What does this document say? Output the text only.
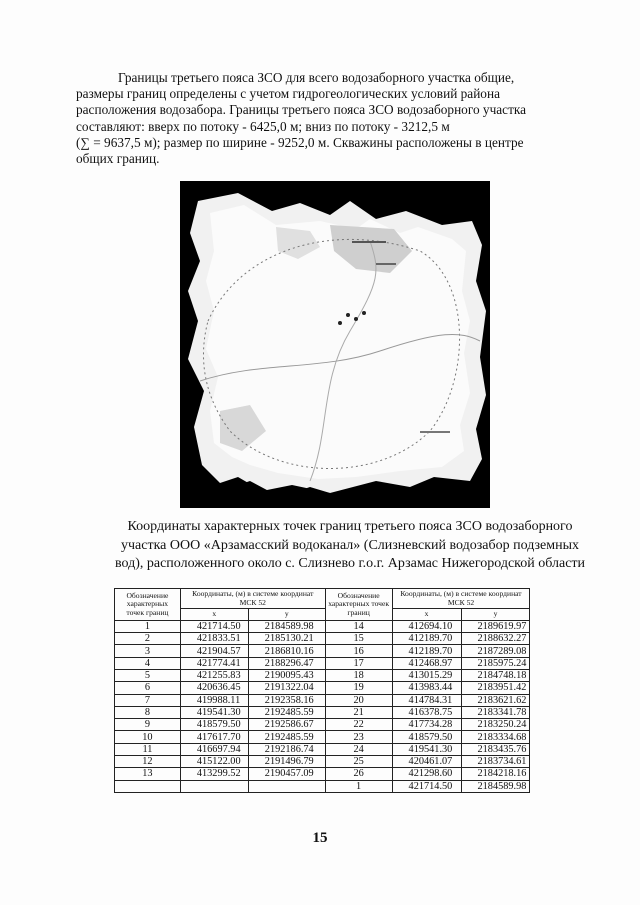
Границы третьего пояса ЗСО для всего водозаборного участка общие,
размеры границ определены с учетом гидрогеологических условий района
расположения водозабора. Границы третьего пояса ЗСО водозаборного участка
составляют: вверх по потоку - 6425,0 м; вниз по потоку - 3212,5 м
(∑ = 9637,5 м); размер по ширине - 9252,0 м. Скважины расположены в центре
общих границ.
Координаты характерных точек границ третьего пояса ЗСО водозаборного
участка ООО «Арзамасский водоканал» (Слизневский водозабор подземных
вод), расположенного около с. Слизнево г.о.г. Арзамас Нижегородской области
Обозначение характерных точек границ	Координаты, (м) в системе координат МСК 52		Обозначение характерных точек границ	Координаты, (м) в системе координат МСК 52	
	x	y		x	y
1	421714.50	2184589.98	14	412694.10	2189619.97
2	421833.51	2185130.21	15	412189.70	2188632.27
3	421904.57	2186810.16	16	412189.70	2187289.08
4	421774.41	2188296.47	17	412468.97	2185975.24
5	421255.83	2190095.43	18	413015.29	2184748.18
6	420636.45	2191322.04	19	413983.44	2183951.42
7	419988.11	2192358.16	20	414784.31	2183621.62
8	419541.30	2192485.59	21	416378.75	2183341.78
9	418579.50	2192586.67	22	417734.28	2183250.24
10	417617.70	2192485.59	23	418579.50	2183334.68
11	416697.94	2192186.74	24	419541.30	2183435.76
12	415122.00	2191496.79	25	420461.07	2183734.61
13	413299.52	2190457.09	26	421298.60	2184218.16
			1	421714.50	2184589.98
15
